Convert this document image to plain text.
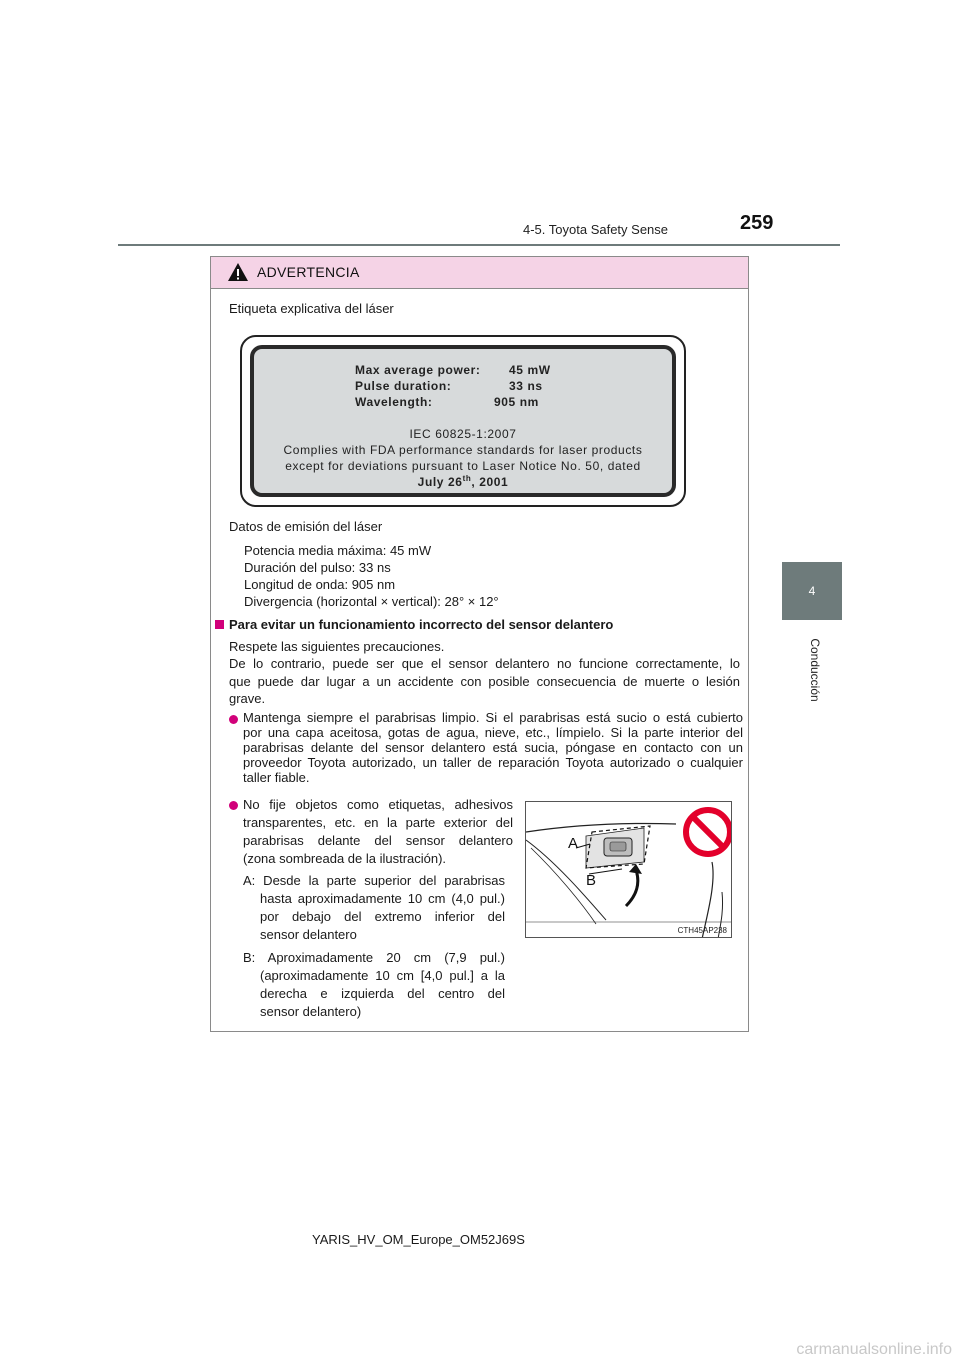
4-5. Toyota Safety Sense	259
4
Conducción
ADVERTENCIA
Etiqueta explicativa del láser
Max average power: 45 mW
Pulse duration:	33 ns
Wavelength:	905 nm
IEC 60825-1:2007
Complies with FDA performance standards for laser products
except for deviations pursuant to Laser Notice No. 50, dated
July 26th, 2001
Datos de emisión del láser
Potencia media máxima: 45 mW
Duración del pulso: 33 ns
Longitud de onda: 905 nm
Divergencia (horizontal × vertical): 28° × 12°
Para evitar un funcionamiento incorrecto del sensor delantero
Respete las siguientes precauciones.
De lo contrario, puede ser que el sensor delantero no funcione correctamente, lo
que puede dar lugar a un accidente con posible consecuencia de muerte o lesión
grave.
Mantenga siempre el parabrisas limpio. Si el parabrisas está sucio o está cubierto
por una capa aceitosa, gotas de agua, nieve, etc., límpielo. Si la parte interior del
parabrisas delante del sensor delantero está sucia, póngase en contacto con un
proveedor Toyota autorizado, un taller de reparación Toyota autorizado o cualquier
taller fiable.
No fije objetos como etiquetas, adhesivos
transparentes, etc. en la parte exterior del
parabrisas delante del sensor delantero
(zona sombreada de la ilustración).
A: Desde la parte superior del parabrisas
hasta aproximadamente 10 cm (4,0 pul.)
por debajo del extremo inferior del
sensor delantero
B: Aproximadamente 20 cm (7,9 pul.)
(aproximadamente 10 cm [4,0 pul.] a la
derecha e izquierda del centro del
sensor delantero)
A
B
CTH45AP238
YARIS_HV_OM_Europe_OM52J69S
carmanualsonline.info
